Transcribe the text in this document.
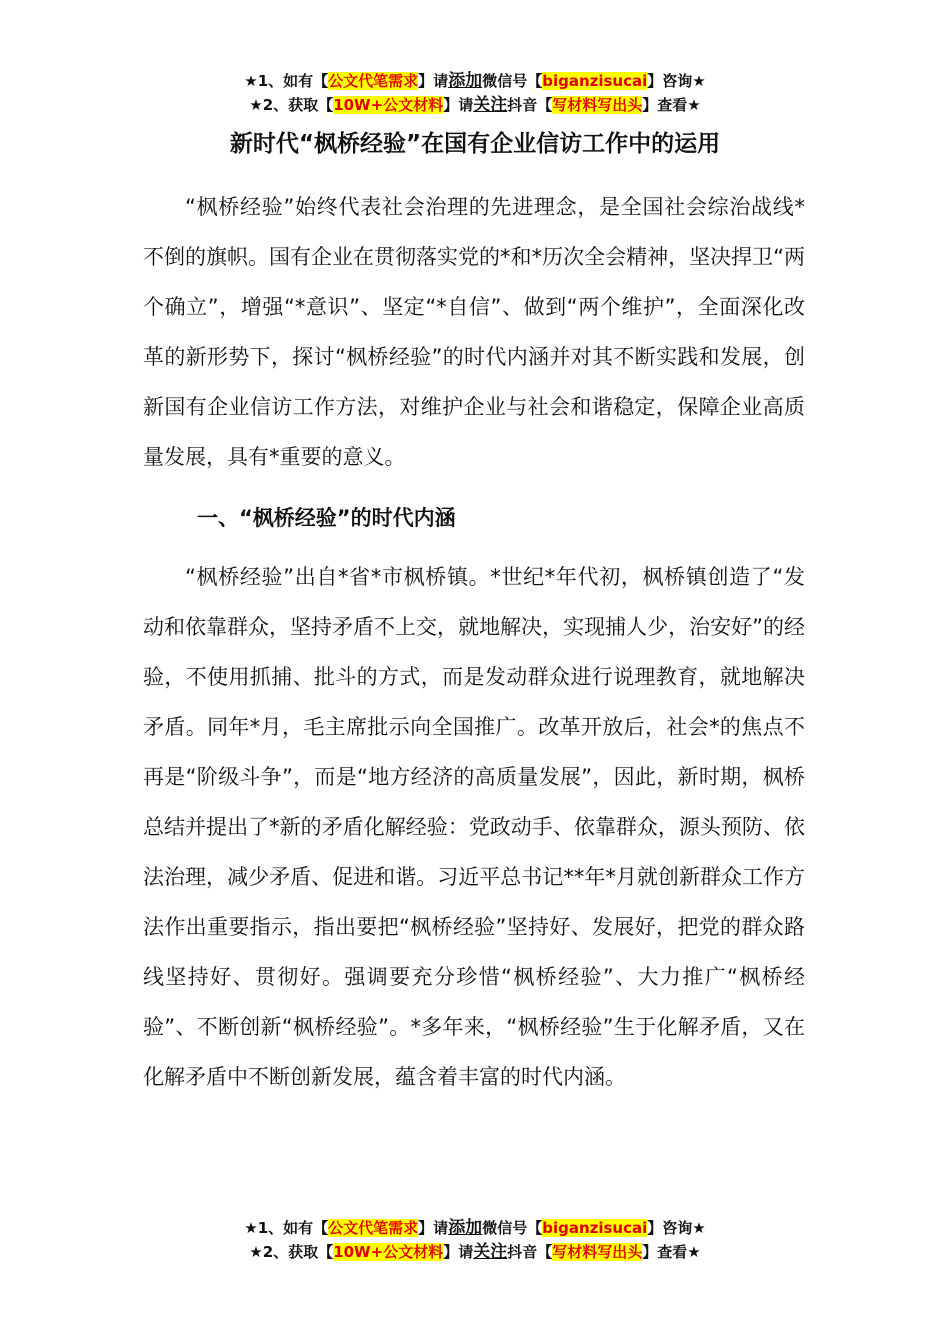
★1、如有【公文代笔需求】请添加微信号【biganzisucai】咨询★
★2、获取【10W+公文材料】请关注抖音【写材料写出头】查看★
新时代“枫桥经验”在国有企业信访工作中的运用

“枫桥经验”始终代表社会治理的先进理念，是全国社会综治战线*不倒的旗帜。国有企业在贯彻落实党的*和*历次全会精神，坚决捍卫“两个确立”，增强“*意识”、坚定“*自信”、做到“两个维护”，全面深化改革的新形势下，探讨“枫桥经验”的时代内涵并对其不断实践和发展，创新国有企业信访工作方法，对维护企业与社会和谐稳定，保障企业高质量发展，具有*重要的意义。

一、“枫桥经验”的时代内涵

“枫桥经验”出自*省*市枫桥镇。*世纪*年代初，枫桥镇创造了“发动和依靠群众，坚持矛盾不上交，就地解决，实现捕人少，治安好”的经验，不使用抓捕、批斗的方式，而是发动群众进行说理教育，就地解决矛盾。同年*月，毛主席批示向全国推广。改革开放后，社会*的焦点不再是“阶级斗争”，而是“地方经济的高质量发展”，因此，新时期，枫桥总结并提出了*新的矛盾化解经验：党政动手、依靠群众，源头预防、依法治理，减少矛盾、促进和谐。习近平总书记**年*月就创新群众工作方法作出重要指示，指出要把“枫桥经验”坚持好、发展好，把党的群众路线坚持好、贯彻好。强调要充分珍惜“枫桥经验”、大力推广“枫桥经验”、不断创新“枫桥经验”。*多年来，“枫桥经验”生于化解矛盾，又在化解矛盾中不断创新发展，蕴含着丰富的时代内涵。

★1、如有【公文代笔需求】请添加微信号【biganzisucai】咨询★
★2、获取【10W+公文材料】请关注抖音【写材料写出头】查看★
